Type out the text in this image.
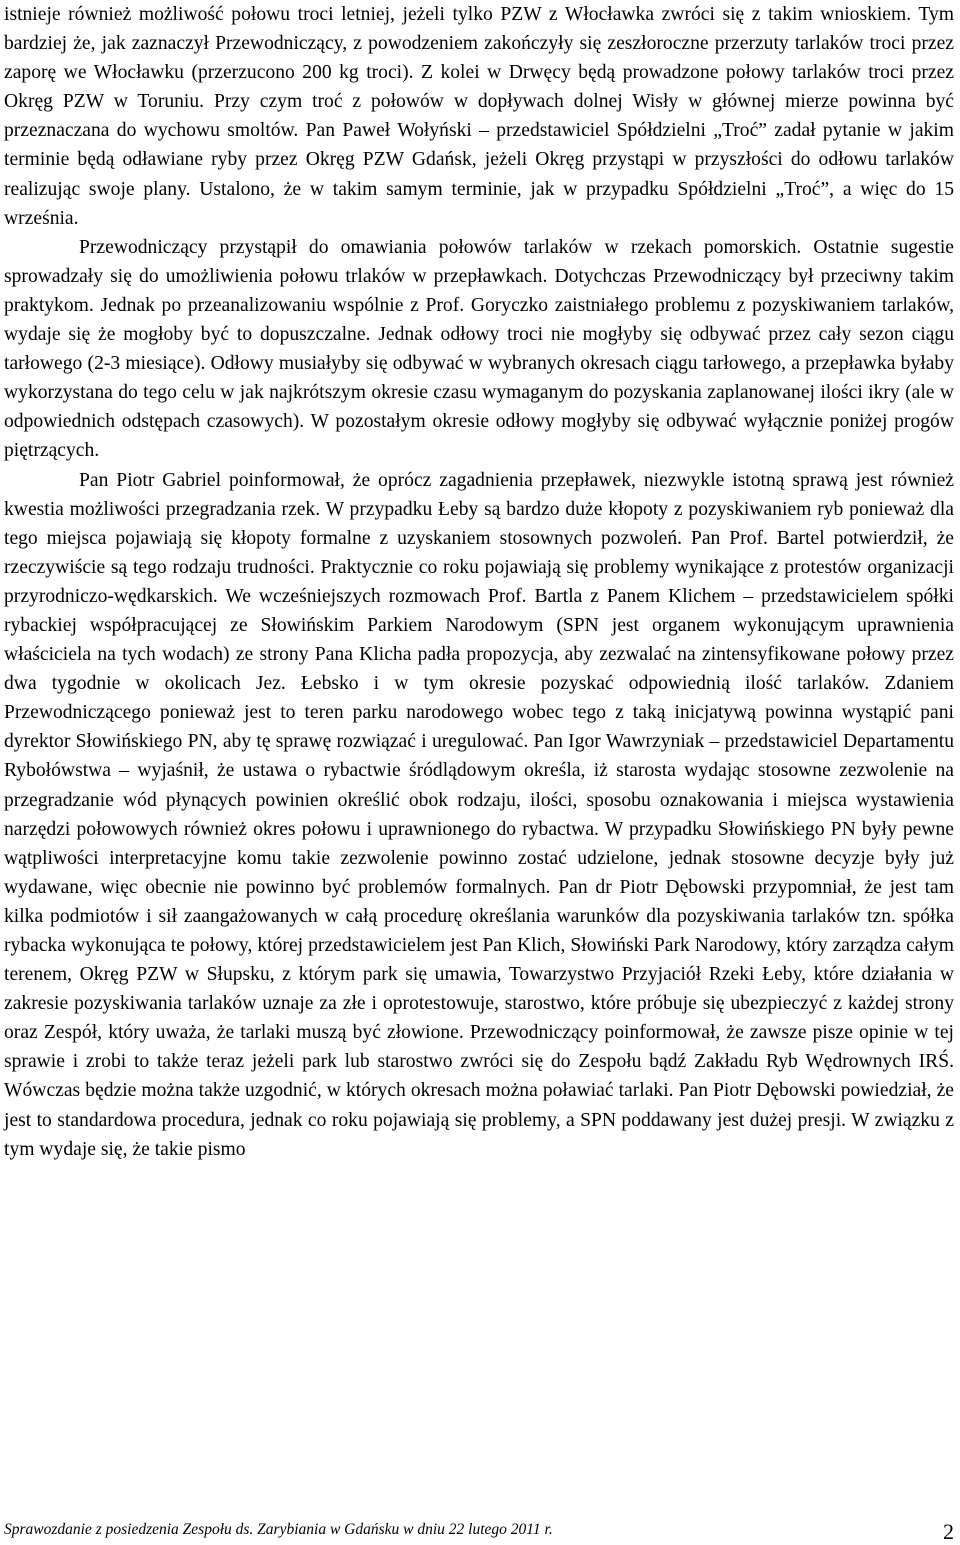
istnieje również możliwość połowu troci letniej, jeżeli tylko PZW z Włocławka zwróci się z takim wnioskiem. Tym bardziej że, jak zaznaczył Przewodniczący, z powodzeniem zakończyły się zeszłoroczne przerzuty tarlaków troci przez zaporę we Włocławku (przerzucono 200 kg troci). Z kolei w Drwęcy będą prowadzone połowy tarlaków troci przez Okręg PZW w Toruniu. Przy czym troć z połowów w dopływach dolnej Wisły w głównej mierze powinna być przeznaczana do wychowu smoltów. Pan Paweł Wołyński – przedstawiciel Spółdzielni „Troć” zadał pytanie w jakim terminie będą odławiane ryby przez Okręg PZW Gdańsk, jeżeli Okręg przystąpi w przyszłości do odłowu tarlaków realizując swoje plany. Ustalono, że w takim samym terminie, jak w przypadku Spółdzielni „Troć”, a więc do 15 września.

Przewodniczący przystąpił do omawiania połowów tarlaków w rzekach pomorskich. Ostatnie sugestie sprowadzały się do umożliwienia połowu trlaków w przepławkach. Dotychczas Przewodniczący był przeciwny takim praktykom. Jednak po przeanalizowaniu wspólnie z Prof. Goryczko zaistniałego problemu z pozyskiwaniem tarlaków, wydaje się że mogłoby być to dopuszczalne. Jednak odłowy troci nie mogłyby się odbywać przez cały sezon ciągu tarłowego (2-3 miesiące). Odłowy musiałyby się odbywać w wybranych okresach ciągu tarłowego, a przepławka byłaby wykorzystana do tego celu w jak najkrótszym okresie czasu wymaganym do pozyskania zaplanowanej ilości ikry (ale w odpowiednich odstępach czasowych). W pozostałym okresie odłowy mogłyby się odbywać wyłącznie poniżej progów piętrzących.

Pan Piotr Gabriel poinformował, że oprócz zagadnienia przepławek, niezwykle istotną sprawą jest również kwestia możliwości przegradzania rzek. W przypadku Łeby są bardzo duże kłopoty z pozyskiwaniem ryb ponieważ dla tego miejsca pojawiają się kłopoty formalne z uzyskaniem stosownych pozwoleń. Pan Prof. Bartel potwierdził, że rzeczywiście są tego rodzaju trudności. Praktycznie co roku pojawiają się problemy wynikające z protestów organizacji przyrodniczo-wędkarskich. We wcześniejszych rozmowach Prof. Bartla z Panem Klichem – przedstawicielem spółki rybackiej współpracującej ze Słowińskim Parkiem Narodowym (SPN jest organem wykonującym uprawnienia właściciela na tych wodach) ze strony Pana Klicha padła propozycja, aby zezwalać na zintensyfikowane połowy przez dwa tygodnie w okolicach Jez. Łebsko i w tym okresie pozyskać odpowiednią ilość tarlaków. Zdaniem Przewodniczącego ponieważ jest to teren parku narodowego wobec tego z taką inicjatywą powinna wystąpić pani dyrektor Słowińskiego PN, aby tę sprawę rozwiązać i uregulować. Pan Igor Wawrzyniak – przedstawiciel Departamentu Rybołówstwa – wyjaśnił, że ustawa o rybactwie śródlądowym określa, iż starosta wydając stosowne zezwolenie na przegradzanie wód płynących powinien określić obok rodzaju, ilości, sposobu oznakowania i miejsca wystawienia narzędzi połowowych również okres połowu i uprawnionego do rybactwa. W przypadku Słowińskiego PN były pewne wątpliwości interpretacyjne komu takie zezwolenie powinno zostać udzielone, jednak stosowne decyzje były już wydawane, więc obecnie nie powinno być problemów formalnych. Pan dr Piotr Dębowski przypomniał, że jest tam kilka podmiotów i sił zaangażowanych w całą procedurę określania warunków dla pozyskiwania tarlaków tzn. spółka rybacka wykonująca te połowy, której przedstawicielem jest Pan Klich, Słowiński Park Narodowy, który zarządza całym terenem, Okręg PZW w Słupsku, z którym park się umawia, Towarzystwo Przyjaciół Rzeki Łeby, które działania w zakresie pozyskiwania tarlaków uznaje za złe i oprotestowuje, starostwo, które próbuje się ubezpieczyć z każdej strony oraz Zespół, który uważa, że tarlaki muszą być złowione. Przewodniczący poinformował, że zawsze pisze opinie w tej sprawie i zrobi to także teraz jeżeli park lub starostwo zwróci się do Zespołu bądź Zakładu Ryb Wędrownych IRŚ. Wówczas będzie można także uzgodnić, w których okresach można poławiać tarlaki. Pan Piotr Dębowski powiedział, że jest to standardowa procedura, jednak co roku pojawiają się problemy, a SPN poddawany jest dużej presji. W związku z tym wydaje się, że takie pismo

Sprawozdanie z posiedzenia Zespołu ds. Zarybiania w Gdańsku w dniu 22 lutego 2011 r.	2
